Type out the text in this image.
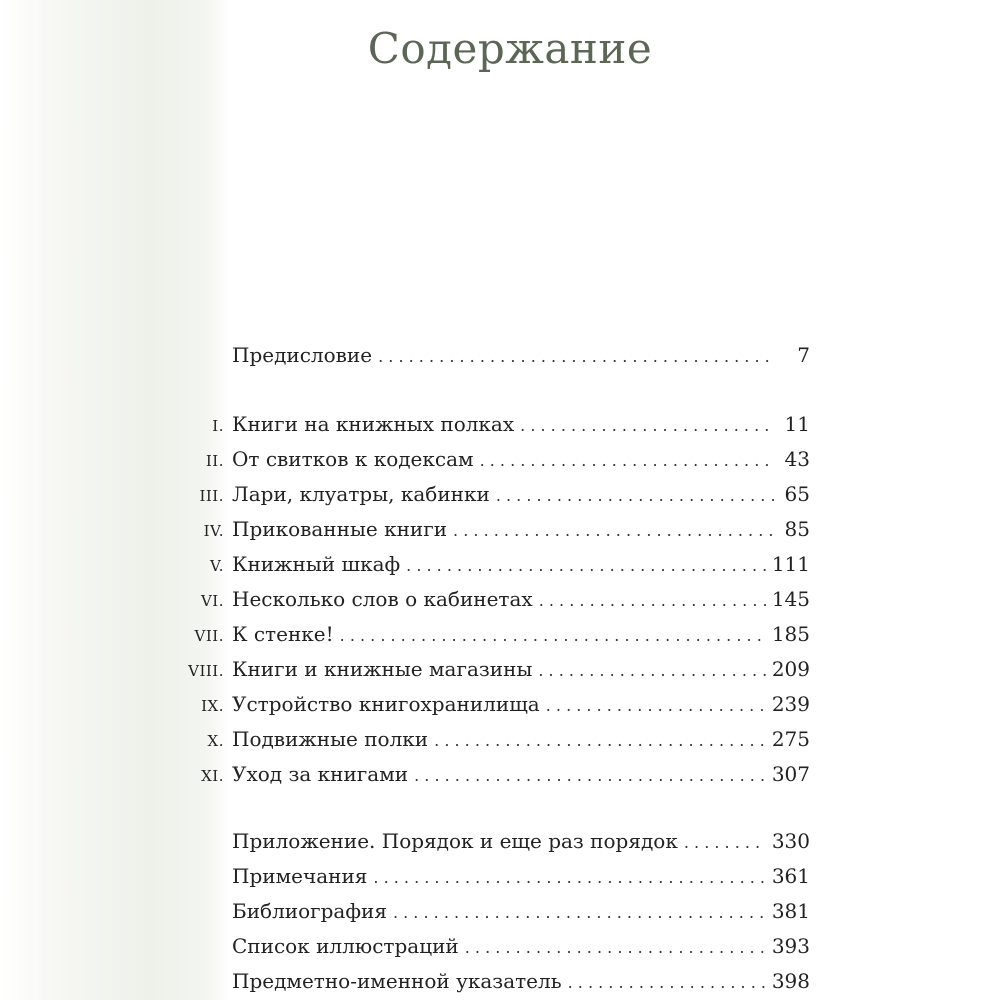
Содержание
Предисловие . . .	7
I. Книги на книжных полках . . .	11
II. От свитков к кодексам . . .	43
III. Лари, клуатры, кабинки . . .	65
IV. Прикованные книги . . .	85
V. Книжный шкаф . . .	111
VI. Несколько слов о кабинетах . . .	145
VII. К стенке! . . .	185
VIII. Книги и книжные магазины . . .	209
IX. Устройство книгохранилища . . .	239
X. Подвижные полки . . .	275
XI. Уход за книгами . . .	307
Приложение. Порядок и еще раз порядок . . .	330
Примечания . . .	361
Библиография . . .	381
Список иллюстраций . . .	393
Предметно-именной указатель . . .	398
